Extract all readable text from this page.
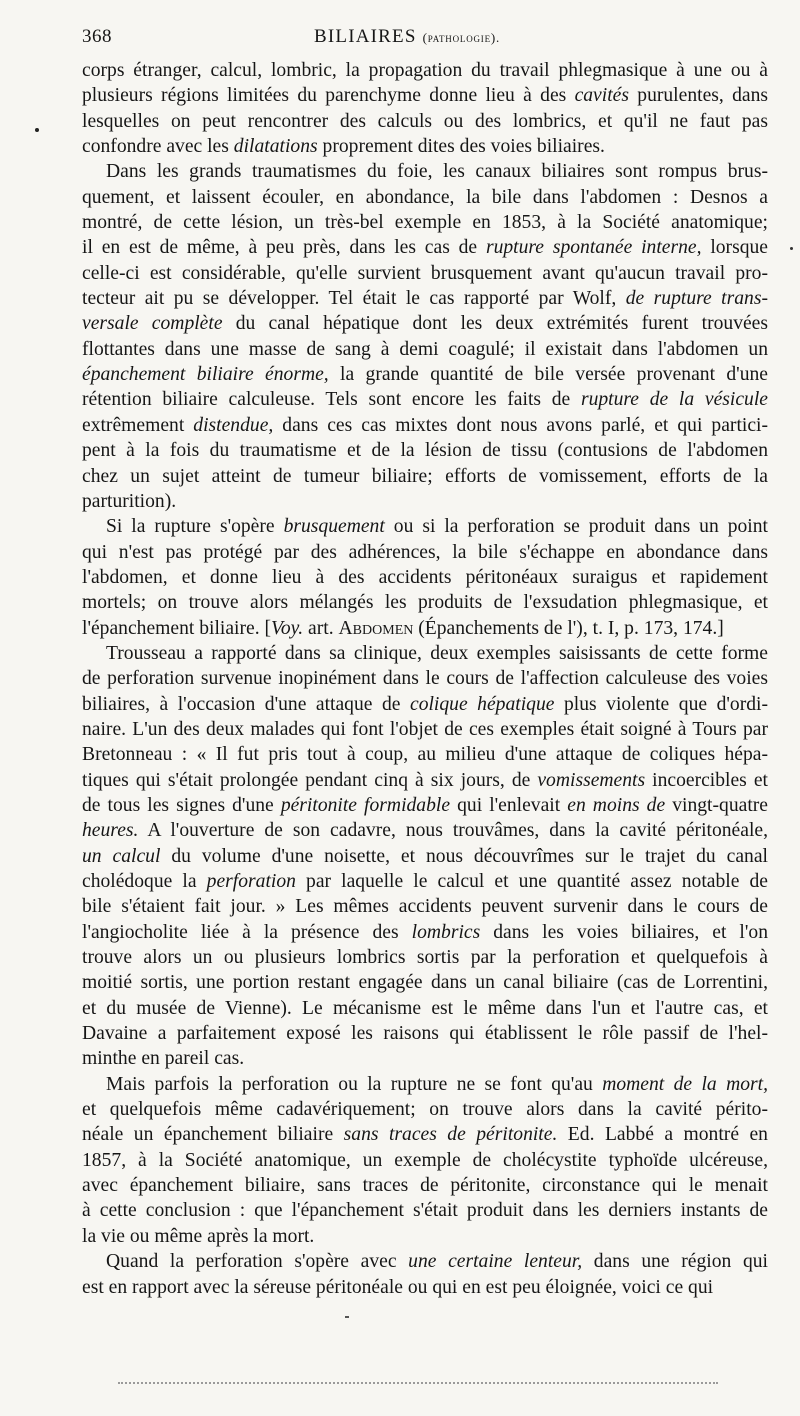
368	BILIAIRES (pathologie).
corps étranger, calcul, lombric, la propagation du travail phlegmasique à une ou à
plusieurs régions limitées du parenchyme donne lieu à des cavités purulentes, dans
lesquelles on peut rencontrer des calculs ou des lombrics, et qu'il ne faut pas
confondre avec les dilatations proprement dites des voies biliaires.
Dans les grands traumatismes du foie, les canaux biliaires sont rompus brus-
quement, et laissent écouler, en abondance, la bile dans l'abdomen : Desnos a
montré, de cette lésion, un très-bel exemple en 1853, à la Société anatomique;
il en est de même, à peu près, dans les cas de rupture spontanée interne, lorsque
celle-ci est considérable, qu'elle survient brusquement avant qu'aucun travail pro-
tecteur ait pu se développer. Tel était le cas rapporté par Wolf, de rupture trans-
versale complète du canal hépatique dont les deux extrémités furent trouvées
flottantes dans une masse de sang à demi coagulé; il existait dans l'abdomen un
épanchement biliaire énorme, la grande quantité de bile versée provenant d'une
rétention biliaire calculeuse. Tels sont encore les faits de rupture de la vésicule
extrêmement distendue, dans ces cas mixtes dont nous avons parlé, et qui partici-
pent à la fois du traumatisme et de la lésion de tissu (contusions de l'abdomen
chez un sujet atteint de tumeur biliaire; efforts de vomissement, efforts de la
parturition).
Si la rupture s'opère brusquement ou si la perforation se produit dans un point
qui n'est pas protégé par des adhérences, la bile s'échappe en abondance dans
l'abdomen, et donne lieu à des accidents péritonéaux suraigus et rapidement
mortels; on trouve alors mélangés les produits de l'exsudation phlegmasique, et
l'épanchement biliaire. [Voy. art. Abdomen (Épanchements de l'), t. I, p. 173, 174.]
Trousseau a rapporté dans sa clinique, deux exemples saisissants de cette forme
de perforation survenue inopinément dans le cours de l'affection calculeuse des voies
biliaires, à l'occasion d'une attaque de colique hépatique plus violente que d'ordi-
naire. L'un des deux malades qui font l'objet de ces exemples était soigné à Tours par
Bretonneau : « Il fut pris tout à coup, au milieu d'une attaque de coliques hépa-
tiques qui s'était prolongée pendant cinq à six jours, de vomissements incoercibles et
de tous les signes d'une péritonite formidable qui l'enlevait en moins de vingt-quatre
heures. A l'ouverture de son cadavre, nous trouvâmes, dans la cavité péritonéale,
un calcul du volume d'une noisette, et nous découvrîmes sur le trajet du canal
cholédoque la perforation par laquelle le calcul et une quantité assez notable de
bile s'étaient fait jour. » Les mêmes accidents peuvent survenir dans le cours de
l'angiocholite liée à la présence des lombrics dans les voies biliaires, et l'on
trouve alors un ou plusieurs lombrics sortis par la perforation et quelquefois à
moitié sortis, une portion restant engagée dans un canal biliaire (cas de Lorrentini,
et du musée de Vienne). Le mécanisme est le même dans l'un et l'autre cas, et
Davaine a parfaitement exposé les raisons qui établissent le rôle passif de l'hel-
minthe en pareil cas.
Mais parfois la perforation ou la rupture ne se font qu'au moment de la mort,
et quelquefois même cadavériquement; on trouve alors dans la cavité périto-
néale un épanchement biliaire sans traces de péritonite. Ed. Labbé a montré en
1857, à la Société anatomique, un exemple de cholécystite typhoïde ulcéreuse,
avec épanchement biliaire, sans traces de péritonite, circonstance qui le menait
à cette conclusion : que l'épanchement s'était produit dans les derniers instants de
la vie ou même après la mort.
Quand la perforation s'opère avec une certaine lenteur, dans une région qui
est en rapport avec la séreuse péritonéale ou qui en est peu éloignée, voici ce qui
